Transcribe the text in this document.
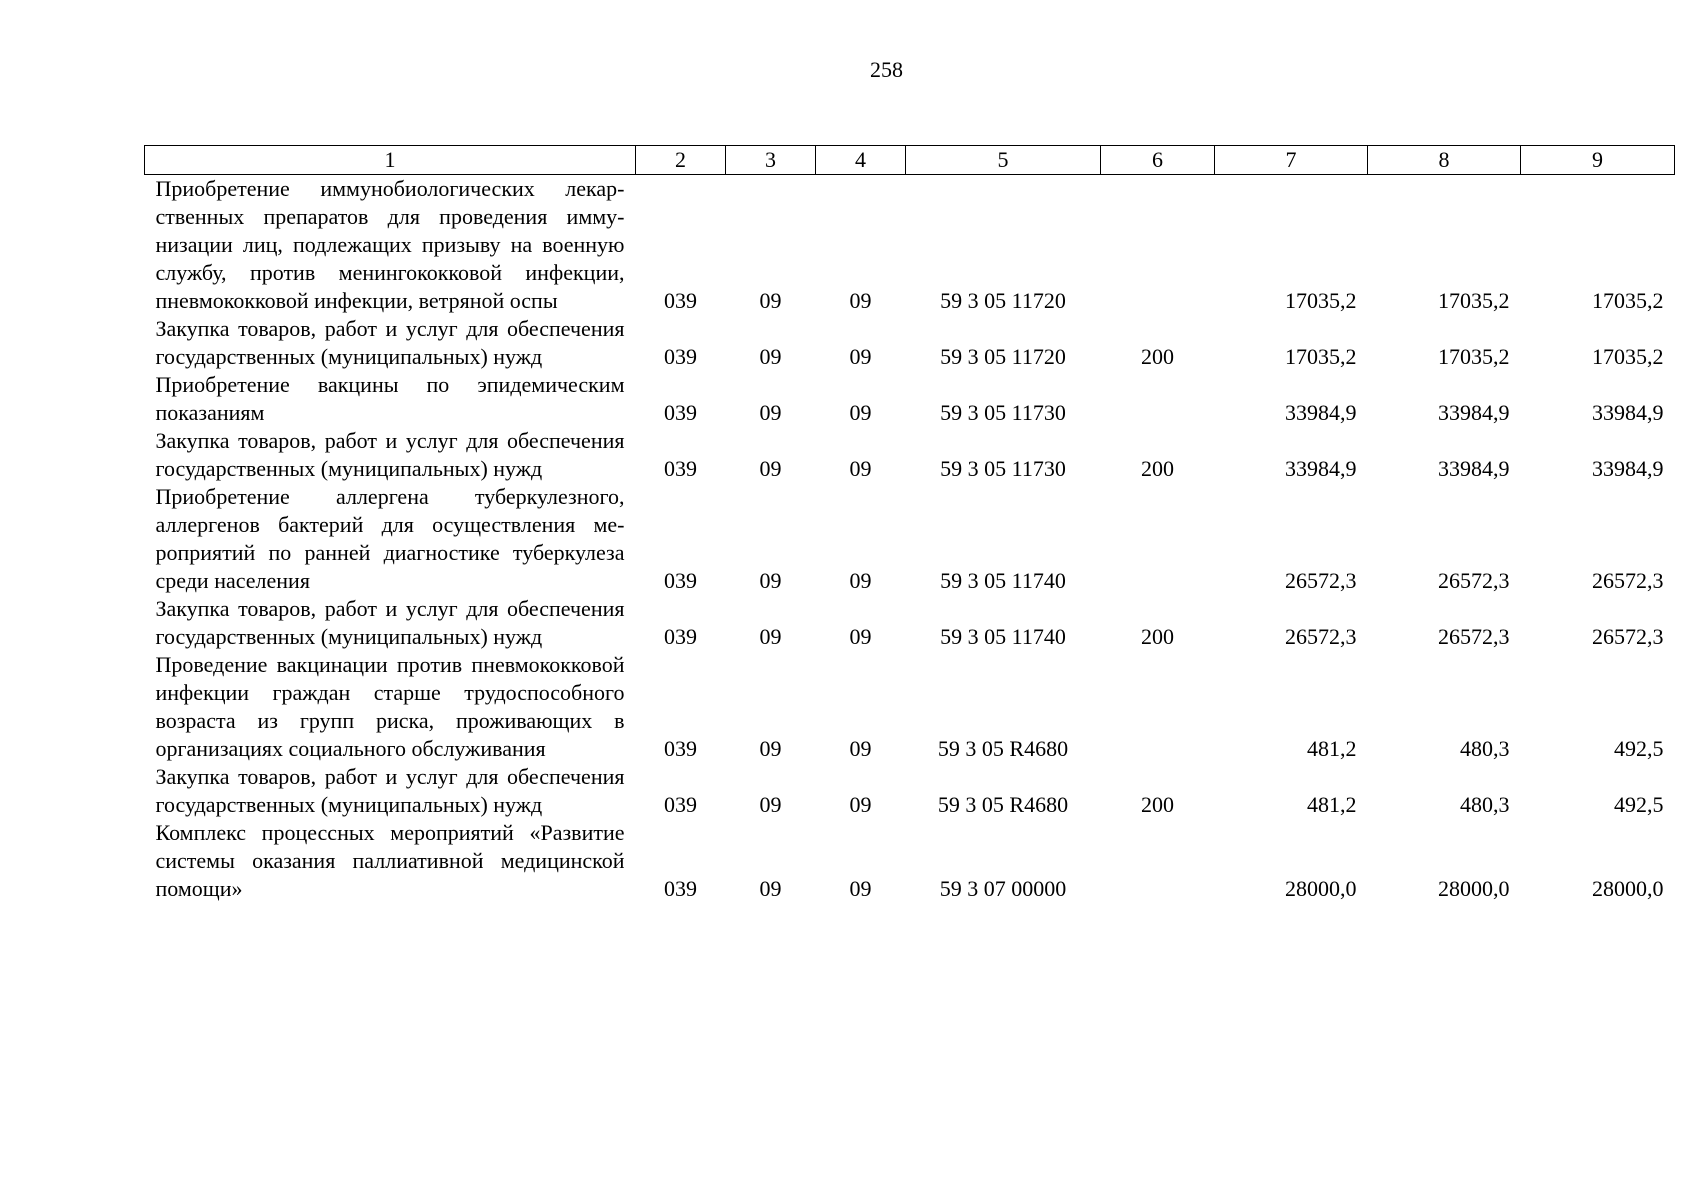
258
1	2	3	4	5	6	7	8	9
Приобретение иммунобиологических лекарственных препаратов для проведения иммунизации лиц, подлежащих призыву на военную службу, против менингококковой инфекции, пневмококковой инфекции, ветряной оспы	039	09	09	59 3 05 11720		17035,2	17035,2	17035,2
Закупка товаров, работ и услуг для обеспечения государственных (муниципальных) нужд	039	09	09	59 3 05 11720	200	17035,2	17035,2	17035,2
Приобретение вакцины по эпидемическим показаниям	039	09	09	59 3 05 11730		33984,9	33984,9	33984,9
Закупка товаров, работ и услуг для обеспечения государственных (муниципальных) нужд	039	09	09	59 3 05 11730	200	33984,9	33984,9	33984,9
Приобретение аллергена туберкулезного, аллергенов бактерий для осуществления мероприятий по ранней диагностике туберкулеза среди населения	039	09	09	59 3 05 11740		26572,3	26572,3	26572,3
Закупка товаров, работ и услуг для обеспечения государственных (муниципальных) нужд	039	09	09	59 3 05 11740	200	26572,3	26572,3	26572,3
Проведение вакцинации против пневмококковой инфекции граждан старше трудоспособного возраста из групп риска, проживающих в организациях социального обслуживания	039	09	09	59 3 05 R4680		481,2	480,3	492,5
Закупка товаров, работ и услуг для обеспечения государственных (муниципальных) нужд	039	09	09	59 3 05 R4680	200	481,2	480,3	492,5
Комплекс процессных мероприятий «Развитие системы оказания паллиативной медицинской помощи»	039	09	09	59 3 07 00000		28000,0	28000,0	28000,0
